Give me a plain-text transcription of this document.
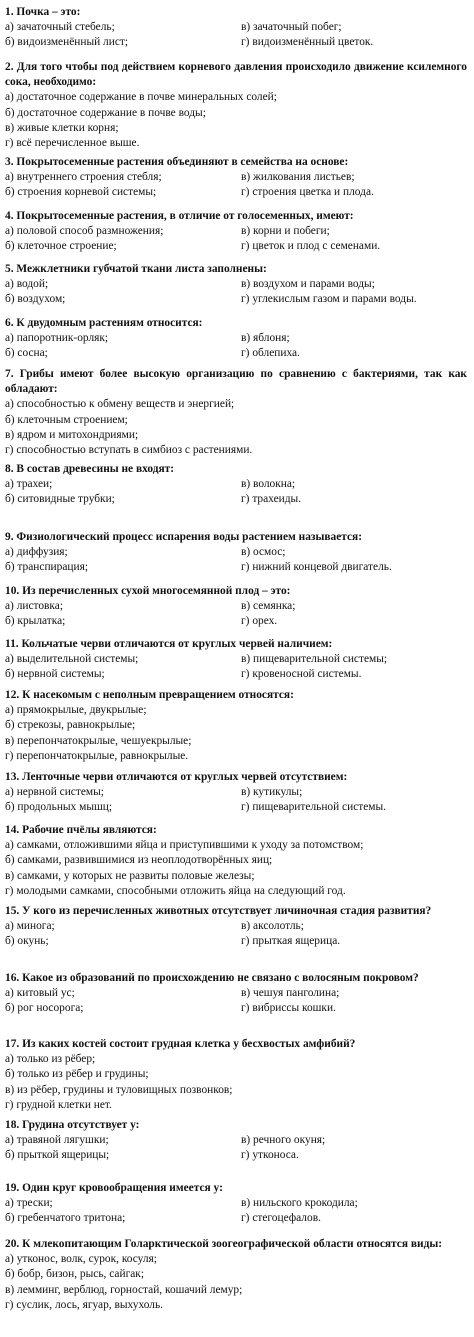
1. Почка – это:
а) зачаточный стебель;	в) зачаточный побег;
б) видоизменённый лист;	г) видоизменённый цветок.
2. Для того чтобы под действием корневого давления происходило движение ксилемного сока, необходимо:
а) достаточное содержание в почве минеральных солей;
б) достаточное содержание в почве воды;
в) живые клетки корня;
г) всё перечисленное выше.
3. Покрытосеменные растения объединяют в семейства на основе:
а) внутреннего строения стебля;	в) жилкования листьев;
б) строения корневой системы;	г) строения цветка и плода.
4. Покрытосеменные растения, в отличие от голосеменных, имеют:
а) половой способ размножения;	в) корни и побеги;
б) клеточное строение;	г) цветок и плод с семенами.
5. Межклетники губчатой ткани листа заполнены:
а) водой;	в) воздухом и парами воды;
б) воздухом;	г) углекислым газом и парами воды.
6. К двудомным растениям относится:
а) папоротник-орляк;	в) яблоня;
б) сосна;	г) облепиха.
7. Грибы имеют более высокую организацию по сравнению с бактериями, так как обладают:
а) способностью к обмену веществ и энергией;
б) клеточным строением;
в) ядром и митохондриями;
г) способностью вступать в симбиоз с растениями.
8. В состав древесины не входят:
а) трахеи;	в) волокна;
б) ситовидные трубки;	г) трахеиды.
9. Физиологический процесс испарения воды растением называется:
а) диффузия;	в) осмос;
б) транспирация;	г) нижний концевой двигатель.
10. Из перечисленных сухой многосемянной плод – это:
а) листовка;	в) семянка;
б) крылатка;	г) орех.
11. Кольчатые черви отличаются от круглых червей наличием:
а) выделительной системы;	в) пищеварительной системы;
б) нервной системы;	г) кровеносной системы.
12. К насекомым с неполным превращением относятся:
а) прямокрылые, двукрылые;
б) стрекозы, равнокрылые;
в) перепончатокрылые, чешуекрылые;
г) перепончатокрылые, равнокрылые.
13. Ленточные черви отличаются от круглых червей отсутствием:
а) нервной системы;	в) кутикулы;
б) продольных мышц;	г) пищеварительной системы.
14. Рабочие пчёлы являются:
а) самками, отложившими яйца и приступившими к уходу за потомством;
б) самками, развившимися из неоплодотворённых яиц;
в) самками, у которых не развиты половые железы;
г) молодыми самками, способными отложить яйца на следующий год.
15. У кого из перечисленных животных отсутствует личиночная стадия развития?
а) минога;	в) аксолотль;
б) окунь;	г) прыткая ящерица.
16. Какое из образований по происхождению не связано с волосяным покровом?
а) китовый ус;	в) чешуя панголина;
б) рог носорога;	г) вибриссы кошки.
17. Из каких костей состоит грудная клетка у бесхвостых амфибий?
а) только из рёбер;
б) только из рёбер и грудины;
в) из рёбер, грудины и туловищных позвонков;
г) грудной клетки нет.
18. Грудина отсутствует у:
а) травяной лягушки;	в) речного окуня;
б) прыткой ящерицы;	г) утконоса.
19. Один круг кровообращения имеется у:
а) трески;	в) нильского крокодила;
б) гребенчатого тритона;	г) стегоцефалов.
20. К млекопитающим Голарктической зоогеографической области относятся виды:
а) утконос, волк, сурок, косуля;
б) бобр, бизон, рысь, сайгак;
в) лемминг, верблюд, горностай, кошачий лемур;
г) суслик, лось, ягуар, выхухоль.
